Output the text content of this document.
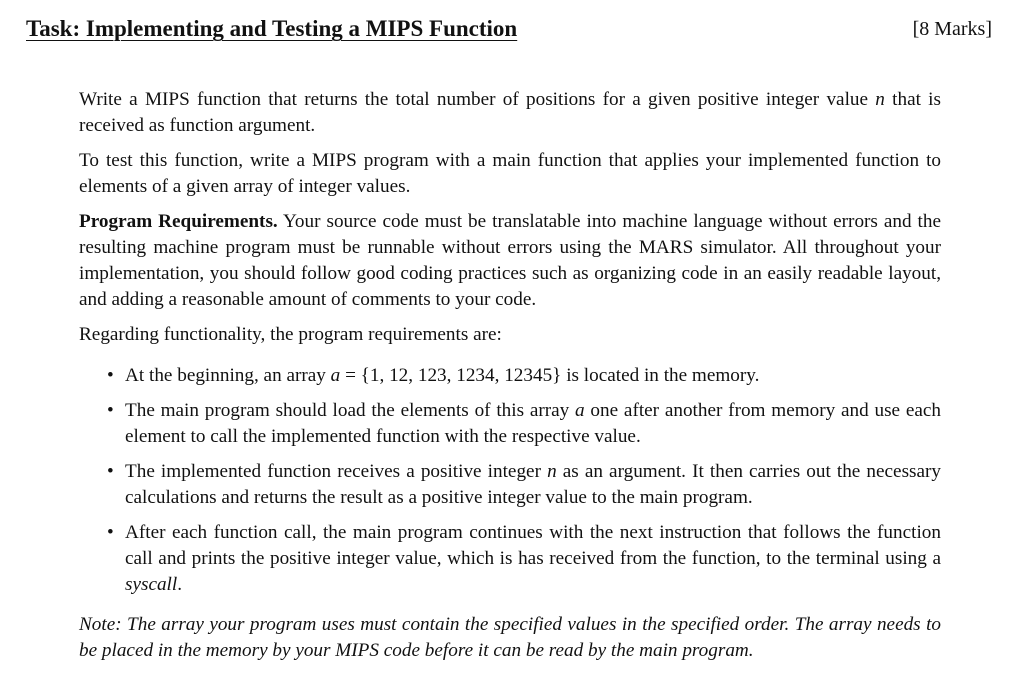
Task: Implementing and Testing a MIPS Function	[8 Marks]

Write a MIPS function that returns the total number of positions for a given positive integer value n that is received as function argument.

To test this function, write a MIPS program with a main function that applies your implemented function to elements of a given array of integer values.

Program Requirements. Your source code must be translatable into machine language without errors and the resulting machine program must be runnable without errors using the MARS simulator. All throughout your implementation, you should follow good coding practices such as organizing code in an easily readable layout, and adding a reasonable amount of comments to your code.

Regarding functionality, the program requirements are:

• At the beginning, an array a = {1, 12, 123, 1234, 12345} is located in the memory.
• The main program should load the elements of this array a one after another from memory and use each element to call the implemented function with the respective value.
• The implemented function receives a positive integer n as an argument. It then carries out the necessary calculations and returns the result as a positive integer value to the main program.
• After each function call, the main program continues with the next instruction that follows the function call and prints the positive integer value, which is has received from the function, to the terminal using a syscall.

Note: The array your program uses must contain the specified values in the specified order. The array needs to be placed in the memory by your MIPS code before it can be read by the main program.
